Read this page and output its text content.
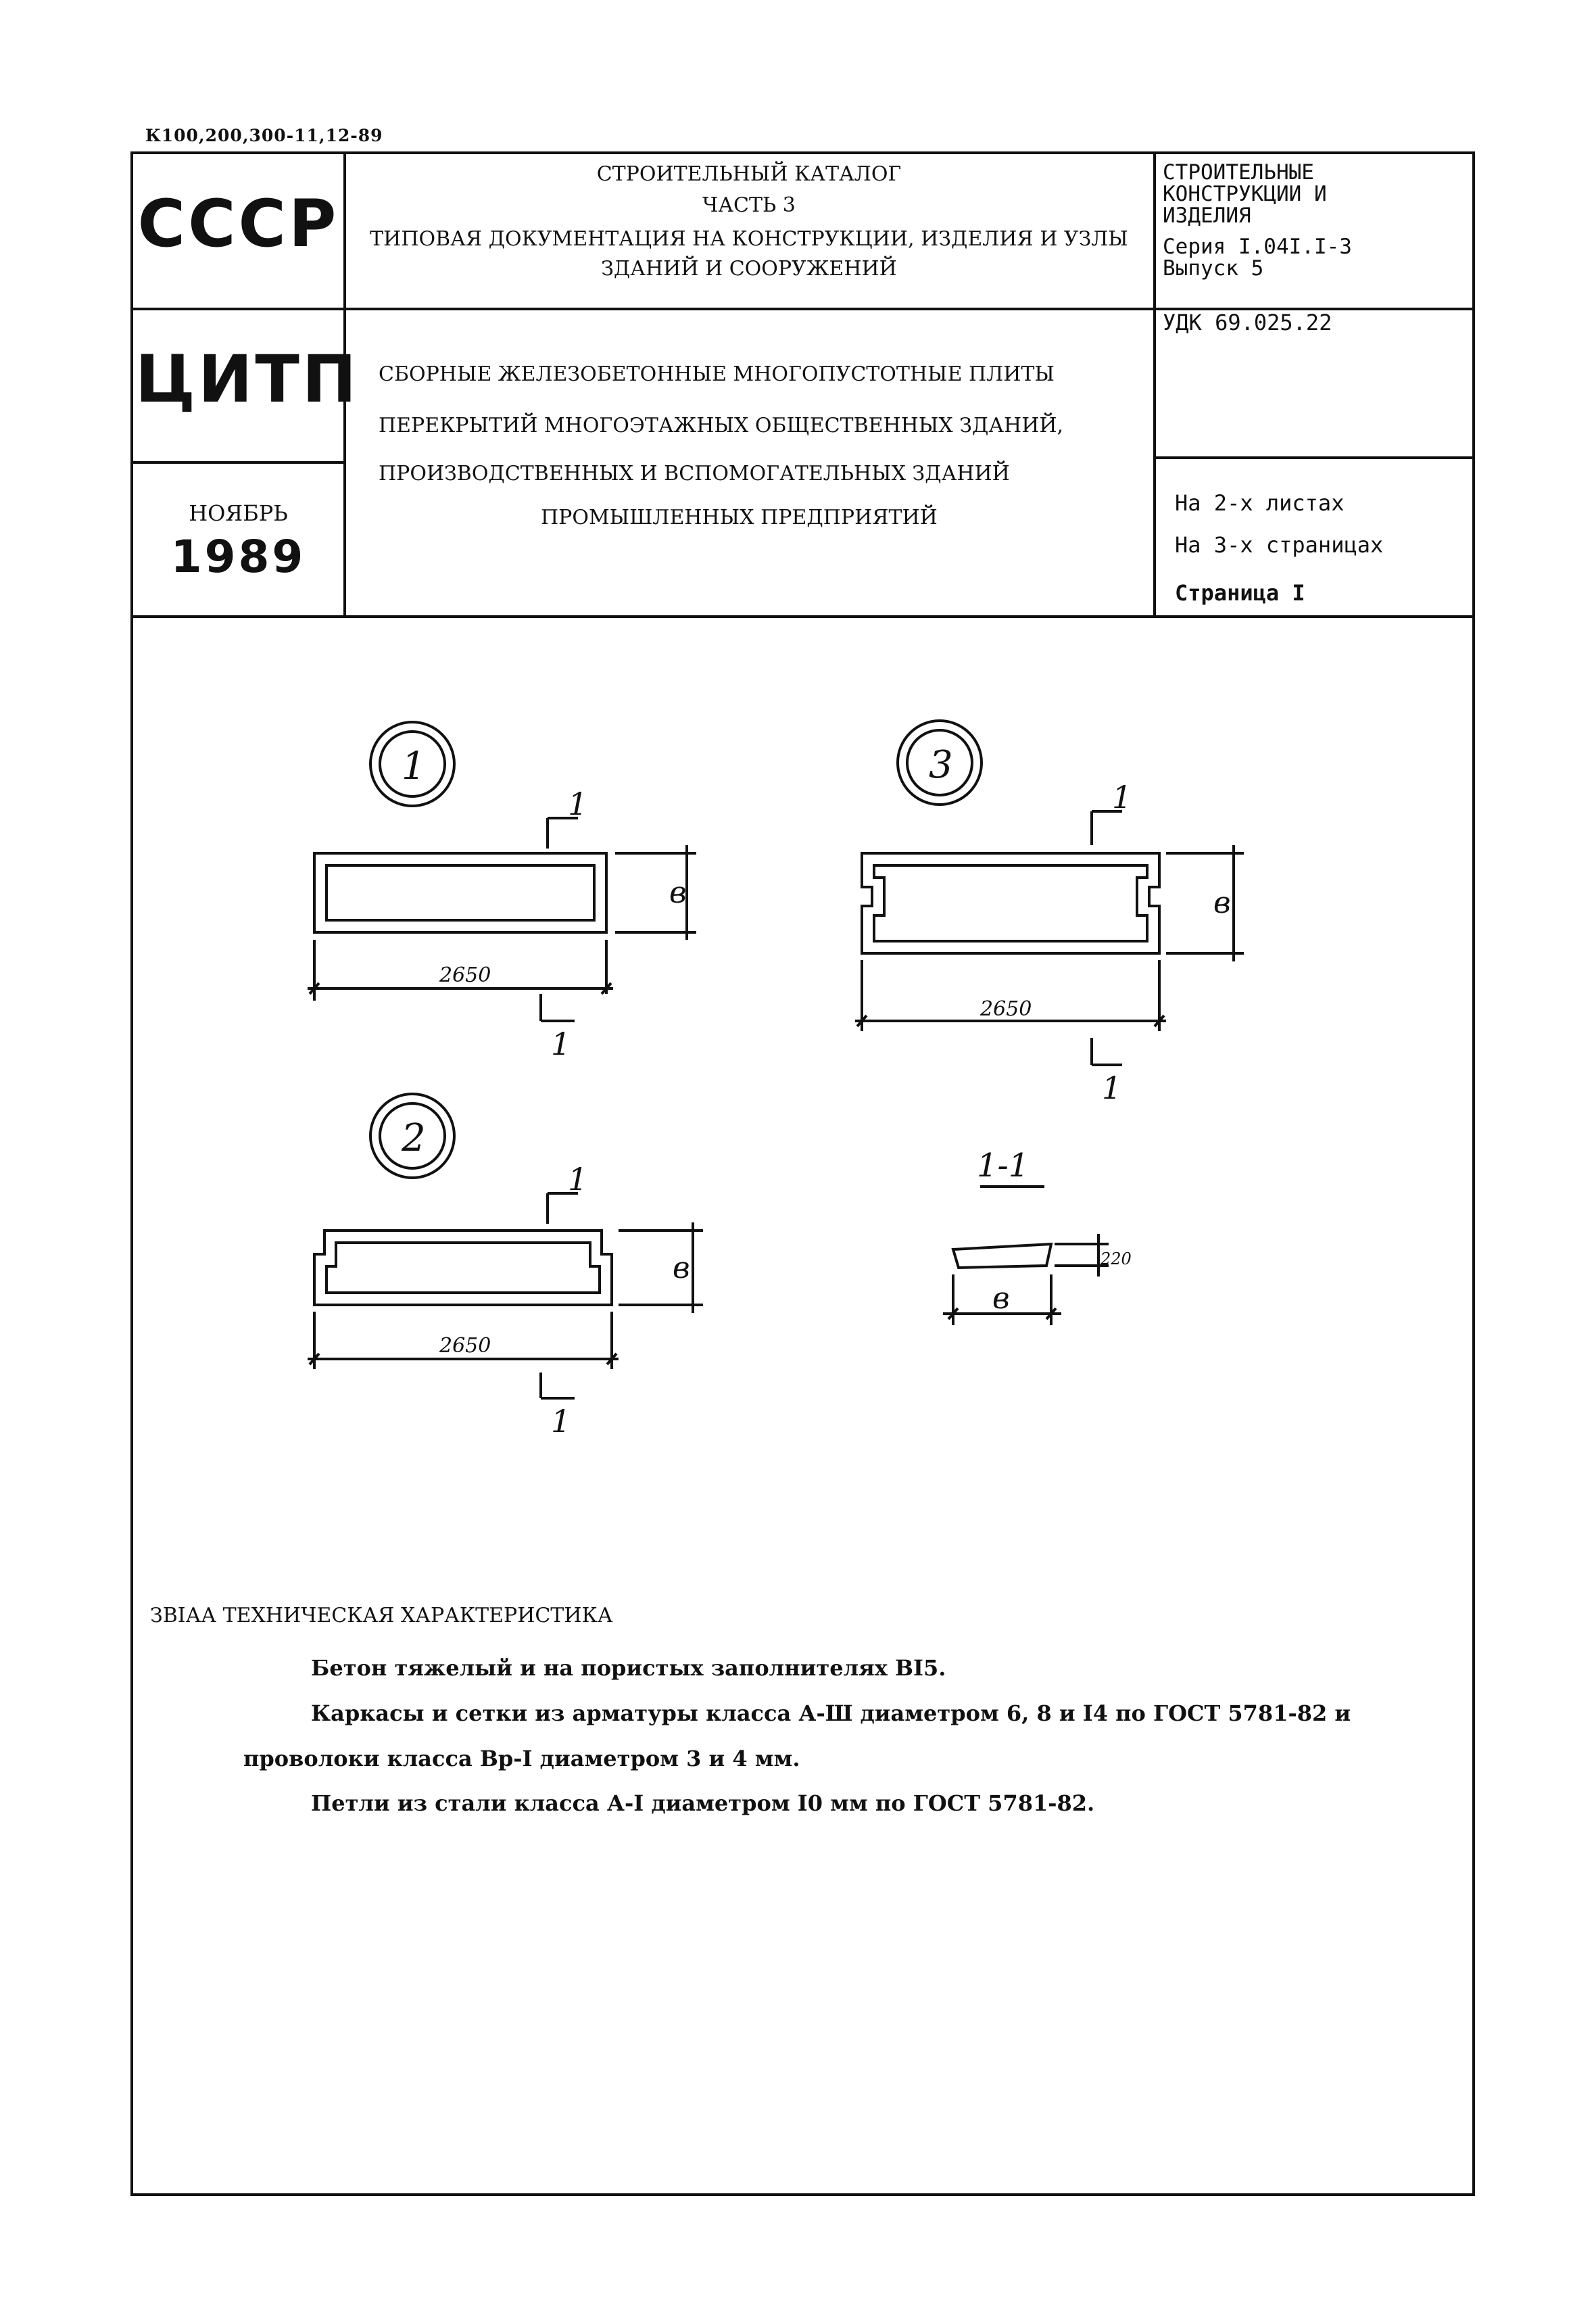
К100,200,300-11,12-89
СССР
ЦИТП
НОЯБРЬ
1989
СТРОИТЕЛЬНЫЙ КАТАЛОГ
ЧАСТЬ 3
ТИПОВАЯ ДОКУМЕНТАЦИЯ НА КОНСТРУКЦИИ, ИЗДЕЛИЯ И УЗЛЫ
ЗДАНИЙ И СООРУЖЕНИЙ
СБОРНЫЕ ЖЕЛЕЗОБЕТОННЫЕ МНОГОПУСТОТНЫЕ ПЛИТЫ
ПЕРЕКРЫТИЙ МНОГОЭТАЖНЫХ ОБЩЕСТВЕННЫХ ЗДАНИЙ,
ПРОИЗВОДСТВЕННЫХ И ВСПОМОГАТЕЛЬНЫХ ЗДАНИЙ
ПРОМЫШЛЕННЫХ ПРЕДПРИЯТИЙ
СТРОИТЕЛЬНЫЕ
КОНСТРУКЦИИ И
ИЗДЕЛИЯ
Серия I.04I.I-3
Выпуск 5
УДК 69.025.22
На 2-х листах
На 3-х страницах
Страница I
1
2
3
1
1
1
1
1
1
2650
2650
2650
в
в
в
в
1-1
220
ЗВІАА ТЕХНИЧЕСКАЯ ХАРАКТЕРИСТИКА
Бетон тяжелый и на пористых заполнителях BI5.
Каркасы и сетки из арматуры класса А-Ш диаметром 6, 8 и I4 по ГОСТ 5781-82 и
проволоки класса Вр-I диаметром 3 и 4 мм.
Петли из стали класса А-I диаметром I0 мм по ГОСТ 5781-82.
